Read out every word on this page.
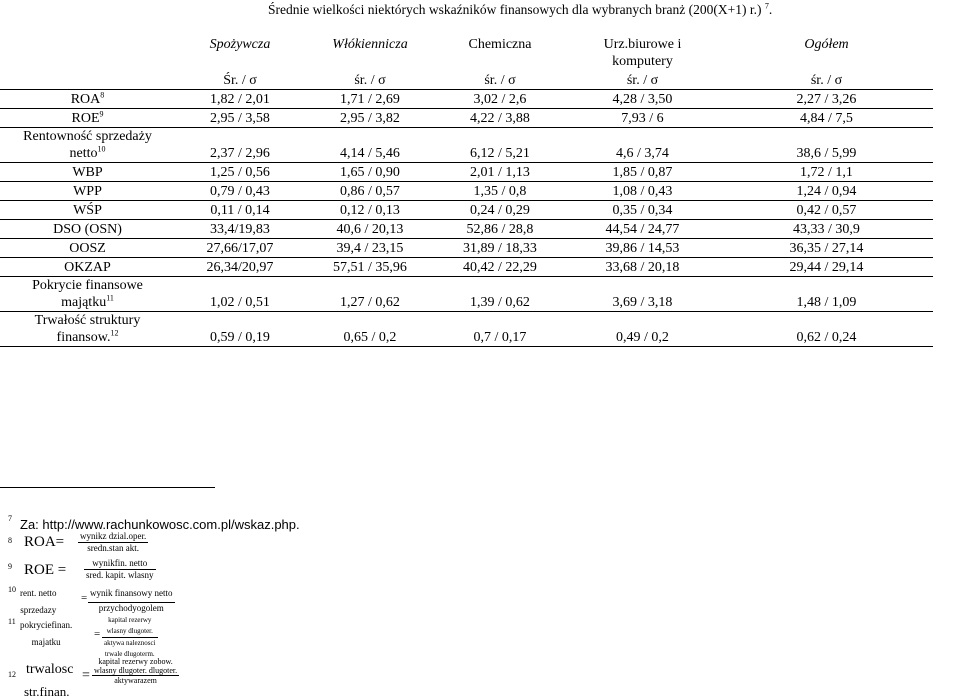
Średnie wielkości niektórych wskaźników finansowych dla wybranych branż (200(X+1) r.) $^7$.
	Spożywcza	Włókiennicza	Chemiczna	Urz.biurowe i komputery	Ogółem
	Śr. / σ	śr. / σ	śr. / σ	śr. / σ	śr. / σ
ROA$^8$	1,82 / 2,01	1,71 / 2,69	3,02 / 2,6	4,28 / 3,50	2,27 / 3,26
ROE$^9$	2,95 / 3,58	2,95 / 3,82	4,22 / 3,88	7,93 / 6	4,84 / 7,5

Rentowność sprzedaży
netto$^{10}$	2,37 / 2,96	4,14 / 5,46	6,12 / 5,21	4,6 / 3,74	38,6 / 5,99
WBP	1,25 / 0,56	1,65 / 0,90	2,01 / 1,13	1,85 / 0,87	1,72 / 1,1
WPP	0,79 / 0,43	0,86 / 0,57	1,35 / 0,8	1,08 / 0,43	1,24 / 0,94
WŚP	0,11 / 0,14	0,12 / 0,13	0,24 / 0,29	0,35 / 0,34	0,42 / 0,57
DSO (OSN)	33,4/19,83	40,6 / 20,13	52,86 / 28,8	44,54 / 24,77	43,33 / 30,9
OOSZ	27,66/17,07	39,4 / 23,15	31,89 / 18,33	39,86 / 14,53	36,35 / 27,14
OKZAP	26,34/20,97	57,51 / 35,96	40,42 / 22,29	33,68 / 20,18	29,44 / 29,14

Pokrycie finansowe
majątku$^{11}$	1,02 / 0,51	1,27 / 0,62	1,39 / 0,62	3,69 / 3,18	1,48 / 1,09

Trwałość struktury
finansow.$^{12}$	0,59 / 0,19	0,65 / 0,2	0,7 / 0,17	0,49 / 0,2	0,62 / 0,24
7 Za: http://www.rachunkowosc.com.pl/wskaz.php.
8 ROA= wynikz dzial.oper.
sredn.stan akt.
9 ROE =	wynikfin. netto
sred. kapit. wlasny
10 rent. netto
sprzedazy
= wynik finansowy netto
przychodyogolem
11 pokryciefinan.
majatku
=
kapital rezerwy
wlasny dlugoter.
aktywa naleznosci
trwale dlugoterm.
12 trwalosc
str.finan.
=
kapital rezerwy zobow.
wlasny dlugoter. dlugoter.
aktywarazem
